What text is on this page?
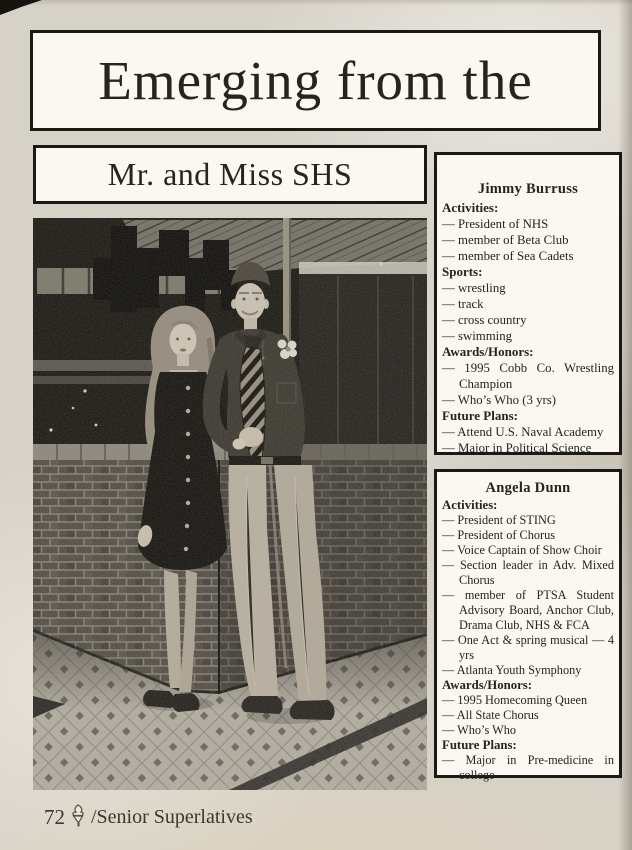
Emerging from the
Mr. and Miss SHS	Jimmy Burruss
Activities:
— President of NHS
— member of Beta Club
— member of Sea Cadets
Sports:
— wrestling
— track
— cross country
— swimming
Awards/Honors:
— 1995 Cobb Co. Wrestling Champion
— Who’s Who (3 yrs)
Future Plans:
— Attend U.S. Naval Academy
— Major in Political Science
Angela Dunn
Activities:
— President of STING
— President of Chorus
— Voice Captain of Show Choir
— Section leader in Adv. Mixed Chorus
— member of PTSA Student Advisory Board, Anchor Club, Drama Club, NHS & FCA
— One Act & spring musical — 4 yrs
— Atlanta Youth Symphony
Awards/Honors:
— 1995 Homecoming Queen
— All State Chorus
— Who’s Who
Future Plans:
— Major in Pre-medicine in college
72 /Senior Superlatives
